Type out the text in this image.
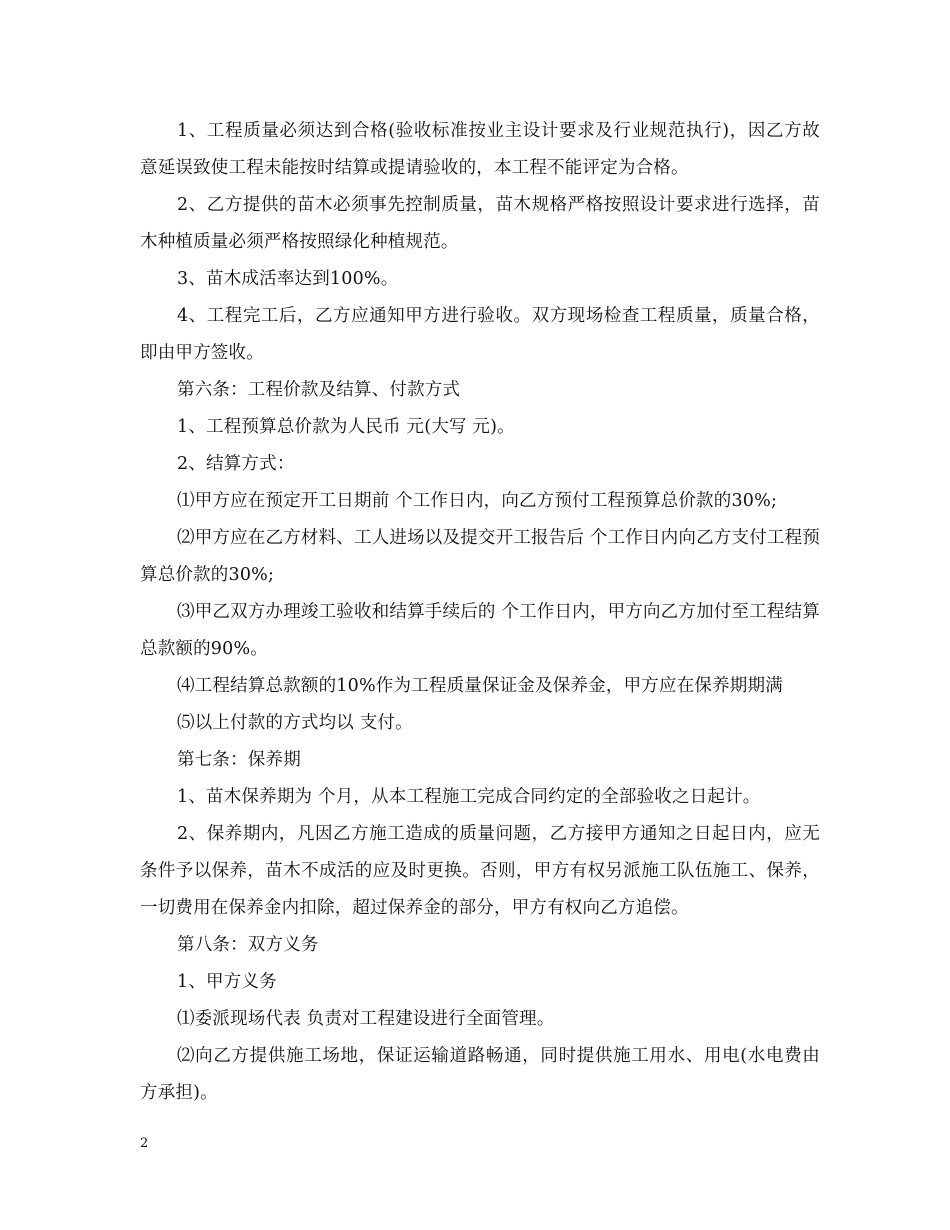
1、工程质量必须达到合格(验收标准按业主设计要求及行业规范执行)，因乙方故意延误致使工程未能按时结算或提请验收的，本工程不能评定为合格。

2、乙方提供的苗木必须事先控制质量，苗木规格严格按照设计要求进行选择，苗木种植质量必须严格按照绿化种植规范。

3、苗木成活率达到100%。

4、工程完工后，乙方应通知甲方进行验收。双方现场检查工程质量，质量合格，即由甲方签收。

第六条：工程价款及结算、付款方式

1、工程预算总价款为人民币 元(大写 元)。

2、结算方式：

⑴甲方应在预定开工日期前 个工作日内，向乙方预付工程预算总价款的30%;

⑵甲方应在乙方材料、工人进场以及提交开工报告后 个工作日内向乙方支付工程预算总价款的30%;

⑶甲乙双方办理竣工验收和结算手续后的 个工作日内，甲方向乙方加付至工程结算总款额的90%。

⑷工程结算总款额的10%作为工程质量保证金及保养金，甲方应在保养期期满

⑸以上付款的方式均以 支付。

第七条：保养期

1、苗木保养期为 个月，从本工程施工完成合同约定的全部验收之日起计。

2、保养期内，凡因乙方施工造成的质量问题，乙方接甲方通知之日起日内，应无条件予以保养，苗木不成活的应及时更换。否则，甲方有权另派施工队伍施工、保养，一切费用在保养金内扣除，超过保养金的部分，甲方有权向乙方追偿。

第八条：双方义务

1、甲方义务

⑴委派现场代表 负责对工程建设进行全面管理。

⑵向乙方提供施工场地，保证运输道路畅通，同时提供施工用水、用电(水电费由 方承担)。

2
